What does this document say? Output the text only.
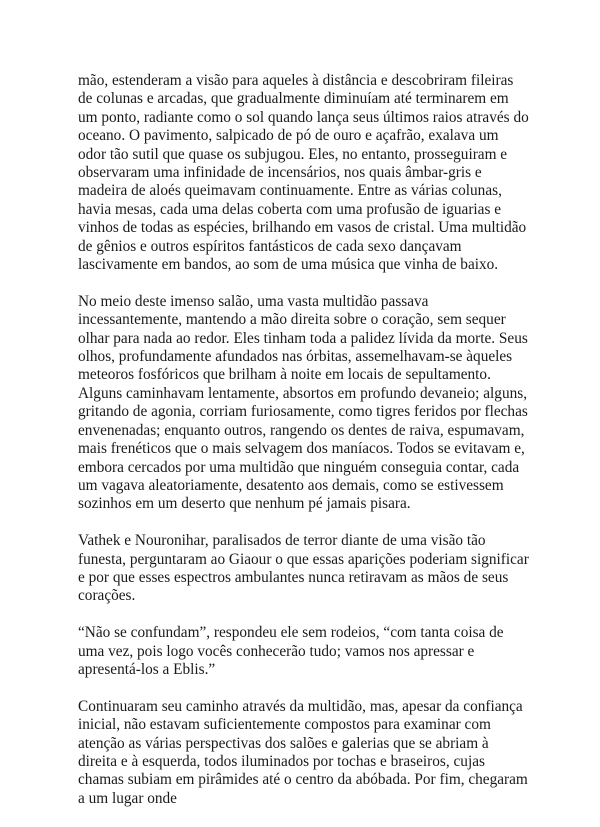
mão, estenderam a visão para aqueles à distância e descobriram fileiras de colunas e arcadas, que gradualmente diminuíam até terminarem em um ponto, radiante como o sol quando lança seus últimos raios através do oceano. O pavimento, salpicado de pó de ouro e açafrão, exalava um odor tão sutil que quase os subjugou. Eles, no entanto, prosseguiram e observaram uma infinidade de incensários, nos quais âmbar-gris e madeira de aloés queimavam continuamente. Entre as várias colunas, havia mesas, cada uma delas coberta com uma profusão de iguarias e vinhos de todas as espécies, brilhando em vasos de cristal. Uma multidão de gênios e outros espíritos fantásticos de cada sexo dançavam lascivamente em bandos, ao som de uma música que vinha de baixo.

No meio deste imenso salão, uma vasta multidão passava incessantemente, mantendo a mão direita sobre o coração, sem sequer olhar para nada ao redor. Eles tinham toda a palidez lívida da morte. Seus olhos, profundamente afundados nas órbitas, assemelhavam-se àqueles meteoros fosfóricos que brilham à noite em locais de sepultamento. Alguns caminhavam lentamente, absortos em profundo devaneio; alguns, gritando de agonia, corriam furiosamente, como tigres feridos por flechas envenenadas; enquanto outros, rangendo os dentes de raiva, espumavam, mais frenéticos que o mais selvagem dos maníacos. Todos se evitavam e, embora cercados por uma multidão que ninguém conseguia contar, cada um vagava aleatoriamente, desatento aos demais, como se estivessem sozinhos em um deserto que nenhum pé jamais pisara.

Vathek e Nouronihar, paralisados de terror diante de uma visão tão funesta, perguntaram ao Giaour o que essas aparições poderiam significar e por que esses espectros ambulantes nunca retiravam as mãos de seus corações.

“Não se confundam”, respondeu ele sem rodeios, “com tanta coisa de uma vez, pois logo vocês conhecerão tudo; vamos nos apressar e apresentá-los a Eblis.”

Continuaram seu caminho através da multidão, mas, apesar da confiança inicial, não estavam suficientemente compostos para examinar com atenção as várias perspectivas dos salões e galerias que se abriam à direita e à esquerda, todos iluminados por tochas e braseiros, cujas chamas subiam em pirâmides até o centro da abóbada. Por fim, chegaram a um lugar onde
